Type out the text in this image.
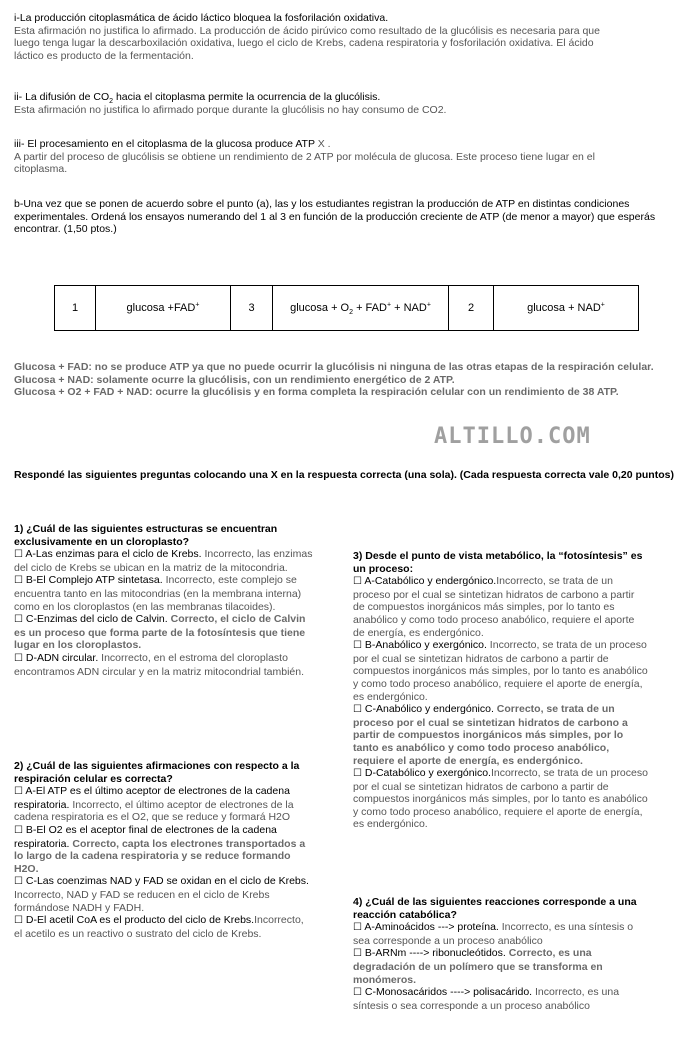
i-La producción citoplasmática de ácido láctico bloquea la fosforilación oxidativa.

Esta afirmación no justifica lo afirmado. La producción de ácido pirúvico como resultado de la glucólisis es necesaria para que luego tenga lugar la descarboxilación oxidativa, luego el ciclo de Krebs, cadena respiratoria y fosforilación oxidativa. El ácido láctico es producto de la fermentación.

ii- La difusión de $CO_2$ hacia el citoplasma permite la ocurrencia de la glucólisis.

Esta afirmación no justifica lo afirmado porque durante la glucólisis no hay consumo de CO2.

iii- El procesamiento en el citoplasma de la glucosa produce ATP X .

A partir del proceso de glucólisis se obtiene un rendimiento de 2 ATP por molécula de glucosa. Este proceso tiene lugar en el citoplasma.

b-Una vez que se ponen de acuerdo sobre el punto (a), las y los estudiantes registran la producción de ATP en distintas condiciones experimentales. Ordená los ensayos numerando del 1 al 3 en función de la producción creciente de ATP (de menor a mayor) que esperás encontrar. (1,50 ptos.)

1	glucosa +FAD+	3	$glucosa + O_2 + FAD^+ + NAD^+$	2	glucosa + NAD+

Glucosa + FAD: no se produce ATP ya que no puede ocurrir la glucólisis ni ninguna de las otras etapas de la respiración celular.

Glucosa + NAD: solamente ocurre la glucólisis, con un rendimiento energético de 2 ATP.

Glucosa + O2 + FAD + NAD: ocurre la glucólisis y en forma completa la respiración celular con un rendimiento de 38 ATP.

ALTILLO.COM

Respondé las siguientes preguntas colocando una X en la respuesta correcta (una sola). (Cada respuesta correcta vale 0,20 puntos)

1) ¿Cuál de las siguientes estructuras se encuentran exclusivamente en un cloroplasto?

☐ A-Las enzimas para el ciclo de Krebs. Incorrecto, las enzimas del ciclo de Krebs se ubican en la matriz de la mitocondria.

☐ B-El Complejo ATP sintetasa. Incorrecto, este complejo se encuentra tanto en las mitocondrias (en la membrana interna) como en los cloroplastos (en las membranas tilacoides).

☐ C-Enzimas del ciclo de Calvin. Correcto, el ciclo de Calvin es un proceso que forma parte de la fotosíntesis que tiene lugar en los cloroplastos.

☐ D-ADN circular. Incorrecto, en el estroma del cloroplasto encontramos ADN circular y en la matriz mitocondrial también.

2) ¿Cuál de las siguientes afirmaciones con respecto a la respiración celular es correcta?

☐ A-El ATP es el último aceptor de electrones de la cadena respiratoria. Incorrecto, el último aceptor de electrones de la cadena respiratoria es el O2, que se reduce y formará H2O

☐ B-El O2 es el aceptor final de electrones de la cadena respiratoria. Correcto, capta los electrones transportados a lo largo de la cadena respiratoria y se reduce formando H2O.

☐ C-Las coenzimas NAD y FAD se oxidan en el ciclo de Krebs. Incorrecto, NAD y FAD se reducen en el ciclo de Krebs formándose NADH y FADH.

☐ D-El acetil CoA es el producto del ciclo de Krebs.Incorrecto, el acetilo es un reactivo o sustrato del ciclo de Krebs.

3) Desde el punto de vista metabólico, la “fotosíntesis” es un proceso:

☐ A-Catabólico y endergónico.Incorrecto, se trata de un proceso por el cual se sintetizan hidratos de carbono a partir de compuestos inorgánicos más simples, por lo tanto es anabólico y como todo proceso anabólico, requiere el aporte de energía, es endergónico.

☐ B-Anabólico y exergónico. Incorrecto, se trata de un proceso por el cual se sintetizan hidratos de carbono a partir de compuestos inorgánicos más simples, por lo tanto es anabólico y como todo proceso anabólico, requiere el aporte de energía, es endergónico.

☐ C-Anabólico y endergónico. Correcto, se trata de un proceso por el cual se sintetizan hidratos de carbono a partir de compuestos inorgánicos más simples, por lo tanto es anabólico y como todo proceso anabólico, requiere el aporte de energía, es endergónico.

☐ D-Catabólico y exergónico.Incorrecto, se trata de un proceso por el cual se sintetizan hidratos de carbono a partir de compuestos inorgánicos más simples, por lo tanto es anabólico y como todo proceso anabólico, requiere el aporte de energía, es endergónico.

4) ¿Cuál de las siguientes reacciones corresponde a una reacción catabólica?

☐ A-Aminoácidos ---> proteína. Incorrecto, es una síntesis o sea corresponde a un proceso anabólico

☐ B-ARNm ----> ribonucleótidos. Correcto, es una degradación de un polímero que se transforma en monómeros.

☐ C-Monosacáridos ----> polisacárido. Incorrecto, es una síntesis o sea corresponde a un proceso anabólico
